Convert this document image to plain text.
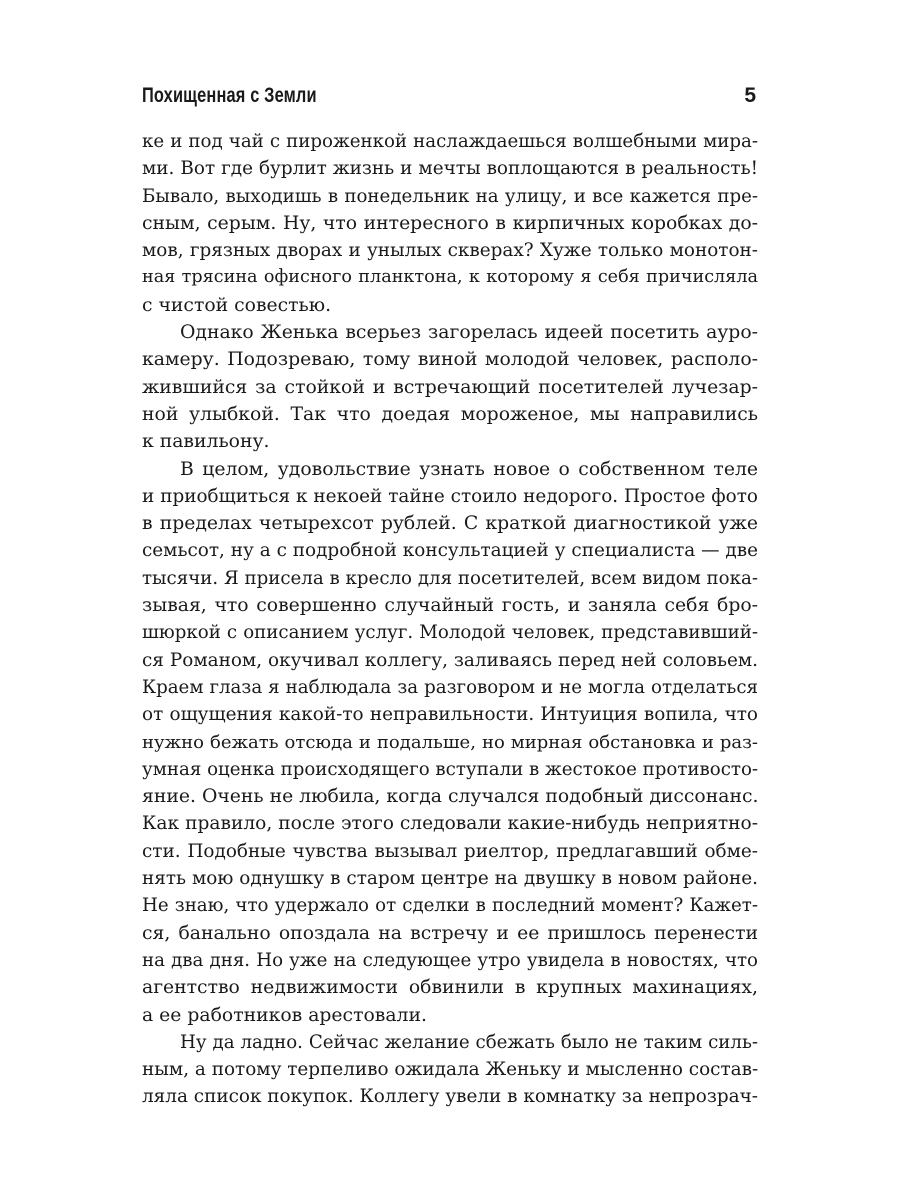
Похищенная с Земли	5
ке и под чай с пироженкой наслаждаешься волшебными мира-
ми. Вот где бурлит жизнь и мечты воплощаются в реальность!
Бывало, выходишь в понедельник на улицу, и все кажется пре-
сным, серым. Ну, что интересного в кирпичных коробках до-
мов, грязных дворах и унылых скверах? Хуже только монотон-
ная трясина офисного планктона, к которому я себя причисляла
с чистой совестью.
Однако Женька всерьез загорелась идеей посетить ауро-
камеру. Подозреваю, тому виной молодой человек, располо-
жившийся за стойкой и встречающий посетителей лучезар-
ной улыбкой. Так что доедая мороженое, мы направились
к павильону.
В целом, удовольствие узнать новое о собственном теле
и приобщиться к некоей тайне стоило недорого. Простое фото
в пределах четырехсот рублей. С краткой диагностикой уже
семьсот, ну а с подробной консультацией у специалиста — две
тысячи. Я присела в кресло для посетителей, всем видом пока-
зывая, что совершенно случайный гость, и заняла себя бро-
шюркой с описанием услуг. Молодой человек, представивший-
ся Романом, окучивал коллегу, заливаясь перед ней соловьем.
Краем глаза я наблюдала за разговором и не могла отделаться
от ощущения какой-то неправильности. Интуиция вопила, что
нужно бежать отсюда и подальше, но мирная обстановка и раз-
умная оценка происходящего вступали в жестокое противосто-
яние. Очень не любила, когда случался подобный диссонанс.
Как правило, после этого следовали какие-нибудь неприятно-
сти. Подобные чувства вызывал риелтор, предлагавший обме-
нять мою однушку в старом центре на двушку в новом районе.
Не знаю, что удержало от сделки в последний момент? Кажет-
ся, банально опоздала на встречу и ее пришлось перенести
на два дня. Но уже на следующее утро увидела в новостях, что
агентство недвижимости обвинили в крупных махинациях,
а ее работников арестовали.
Ну да ладно. Сейчас желание сбежать было не таким силь-
ным, а потому терпеливо ожидала Женьку и мысленно состав-
ляла список покупок. Коллегу увели в комнатку за непрозрач-
